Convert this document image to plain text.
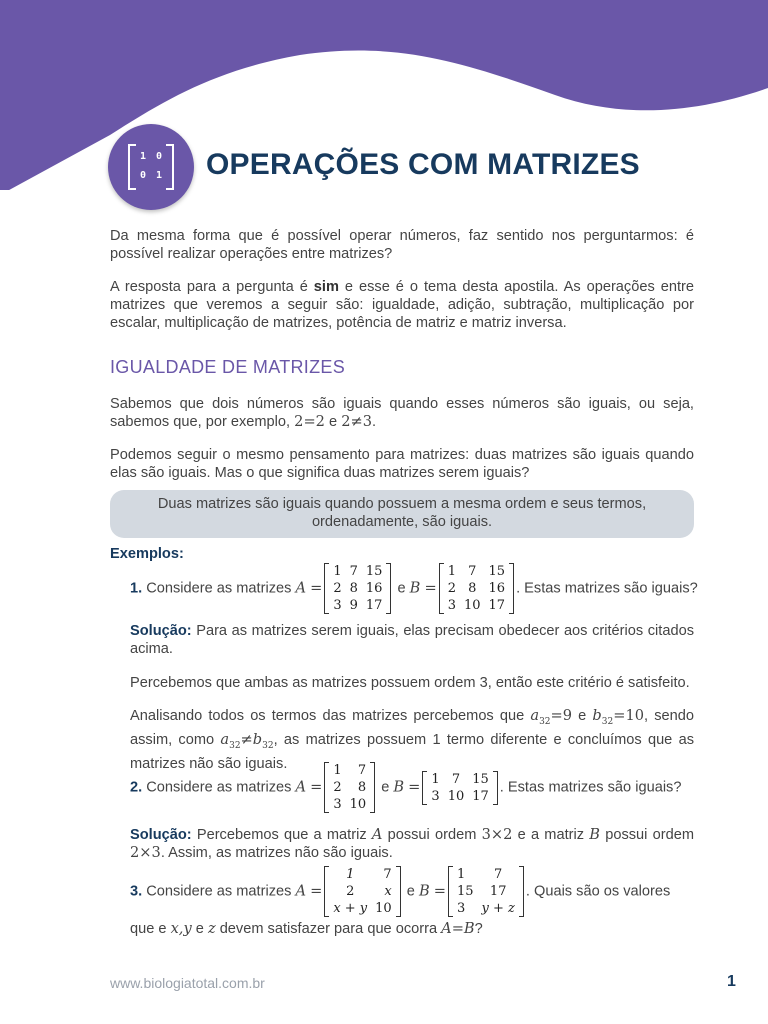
1 0
0 1 OPERAÇÕES COM MATRIZES

Da mesma forma que é possível operar números, faz sentido nos perguntarmos: é possível realizar operações entre matrizes?

A resposta para a pergunta é sim e esse é o tema desta apostila. As operações entre matrizes que veremos a seguir são: igualdade, adição, subtração, multiplicação por escalar, multiplicação de matrizes, potência de matriz e matriz inversa.

IGUALDADE DE MATRIZES

Sabemos que dois números são iguais quando esses números são iguais, ou seja, sabemos que, por exemplo, 2=2 e 2≠3.

Podemos seguir o mesmo pensamento para matrizes: duas matrizes são iguais quando elas são iguais. Mas o que significa duas matrizes serem iguais?

Duas matrizes são iguais quando possuem a mesma ordem e seus termos, ordenadamente, são iguais.
Exemplos:
1. Considere as matrizes A =
1	7	15
2	8	16
3	9	17
e B =
1	7	15
2	8	16
3	10	17
. Estas matrizes são iguais?

Solução: Para as matrizes serem iguais, elas precisam obedecer aos critérios citados acima.

Percebemos que ambas as matrizes possuem ordem 3, então este critério é satisfeito.

Analisando todos os termos das matrizes percebemos que $a_{32}=9$ e $b_{32}=10$, sendo assim, como $a_{32}\ne b_{32}$, as matrizes possuem 1 termo diferente e concluímos que as matrizes não são iguais.

2. Considere as matrizes A =
1	7
2	8
3	10
e B = 1	7	15
3	10	17
. Estas matrizes são iguais?

Solução: Percebemos que a matriz A possui ordem 3×2 e a matriz B possui ordem 2×3. Assim, as matrizes não são iguais.

3. Considere as matrizes A =
1	7
2	x
x + y	10
e B =
1	7
15	17
3	y + z
. Quais são os valores
que e x,y e z devem satisfazer para que ocorra A=B?
www.biologiatotal.com.br	1
